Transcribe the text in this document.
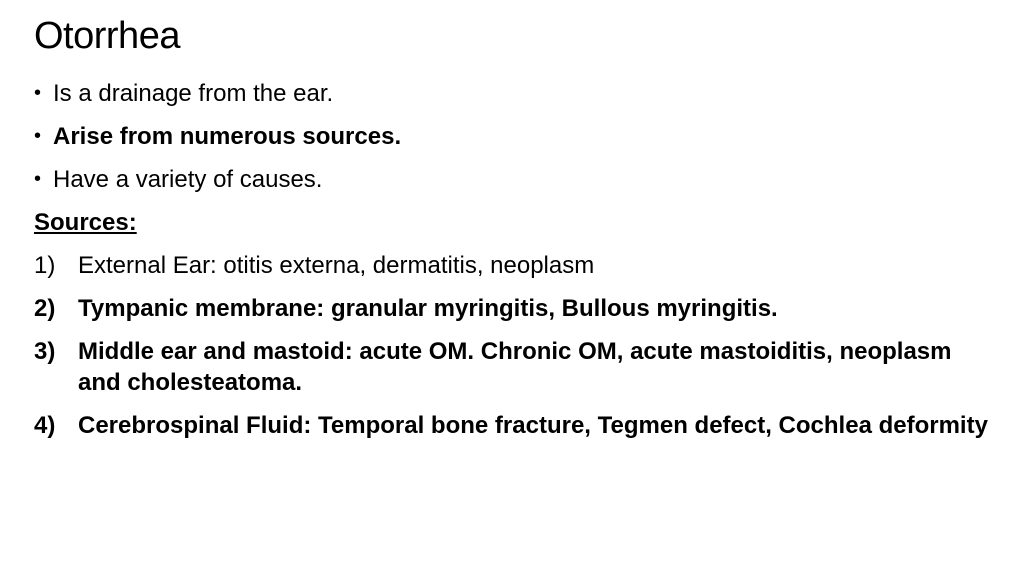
Otorrhea
• Is a drainage from the ear.
• Arise from numerous sources.
• Have a variety of causes.
Sources:
1) External Ear: otitis externa, dermatitis, neoplasm
2) Tympanic membrane: granular myringitis, Bullous myringitis.
3) Middle ear and mastoid: acute OM. Chronic OM, acute mastoiditis, neoplasm and cholesteatoma.
4) Cerebrospinal Fluid: Temporal bone fracture, Tegmen defect, Cochlea deformity
